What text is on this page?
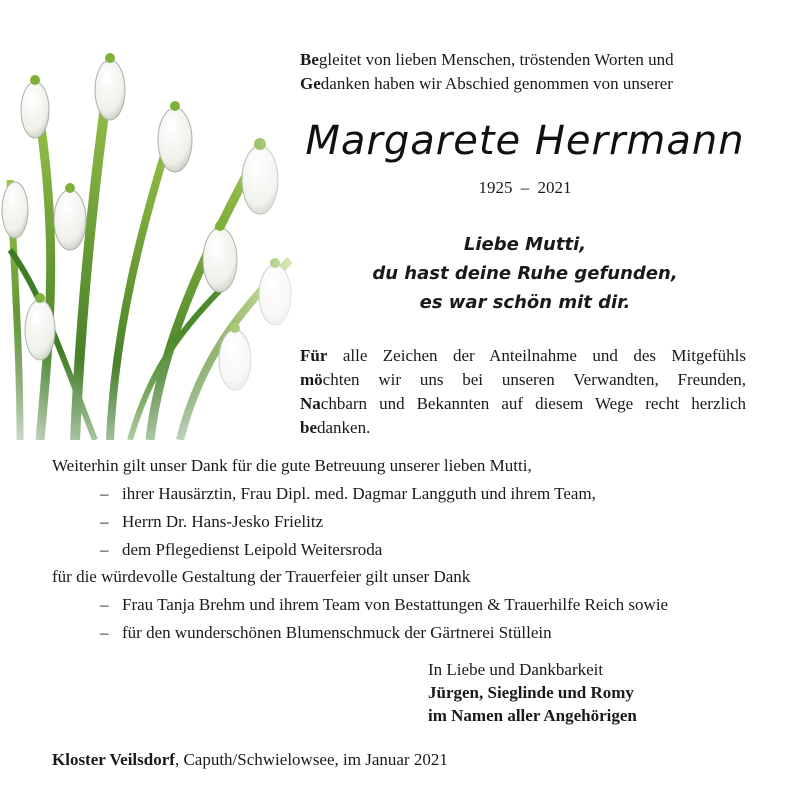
Begleitet von lieben Menschen, tröstenden Worten und
Gedanken haben wir Abschied genommen von unserer
Margarete Herrmann
1925 – 2021
Liebe Mutti,
du hast deine Ruhe gefunden,
es war schön mit dir.
Für alle Zeichen der Anteilnahme und des Mitgefühls
möchten wir uns bei unseren Verwandten, Freunden,
Nachbarn und Bekannten auf diesem Wege recht herzlich
bedanken.
Weiterhin gilt unser Dank für die gute Betreuung unserer lieben Mutti,
– ihrer Hausärztin, Frau Dipl. med. Dagmar Langguth und ihrem Team,
– Herrn Dr. Hans-Jesko Frielitz
– dem Pflegedienst Leipold Weitersroda
für die würdevolle Gestaltung der Trauerfeier gilt unser Dank
– Frau Tanja Brehm und ihrem Team von Bestattungen & Trauerhilfe Reich sowie
– für den wunderschönen Blumenschmuck der Gärtnerei Stüllein
In Liebe und Dankbarkeit
Jürgen, Sieglinde und Romy
im Namen aller Angehörigen
Kloster Veilsdorf, Caputh/Schwielowsee, im Januar 2021
